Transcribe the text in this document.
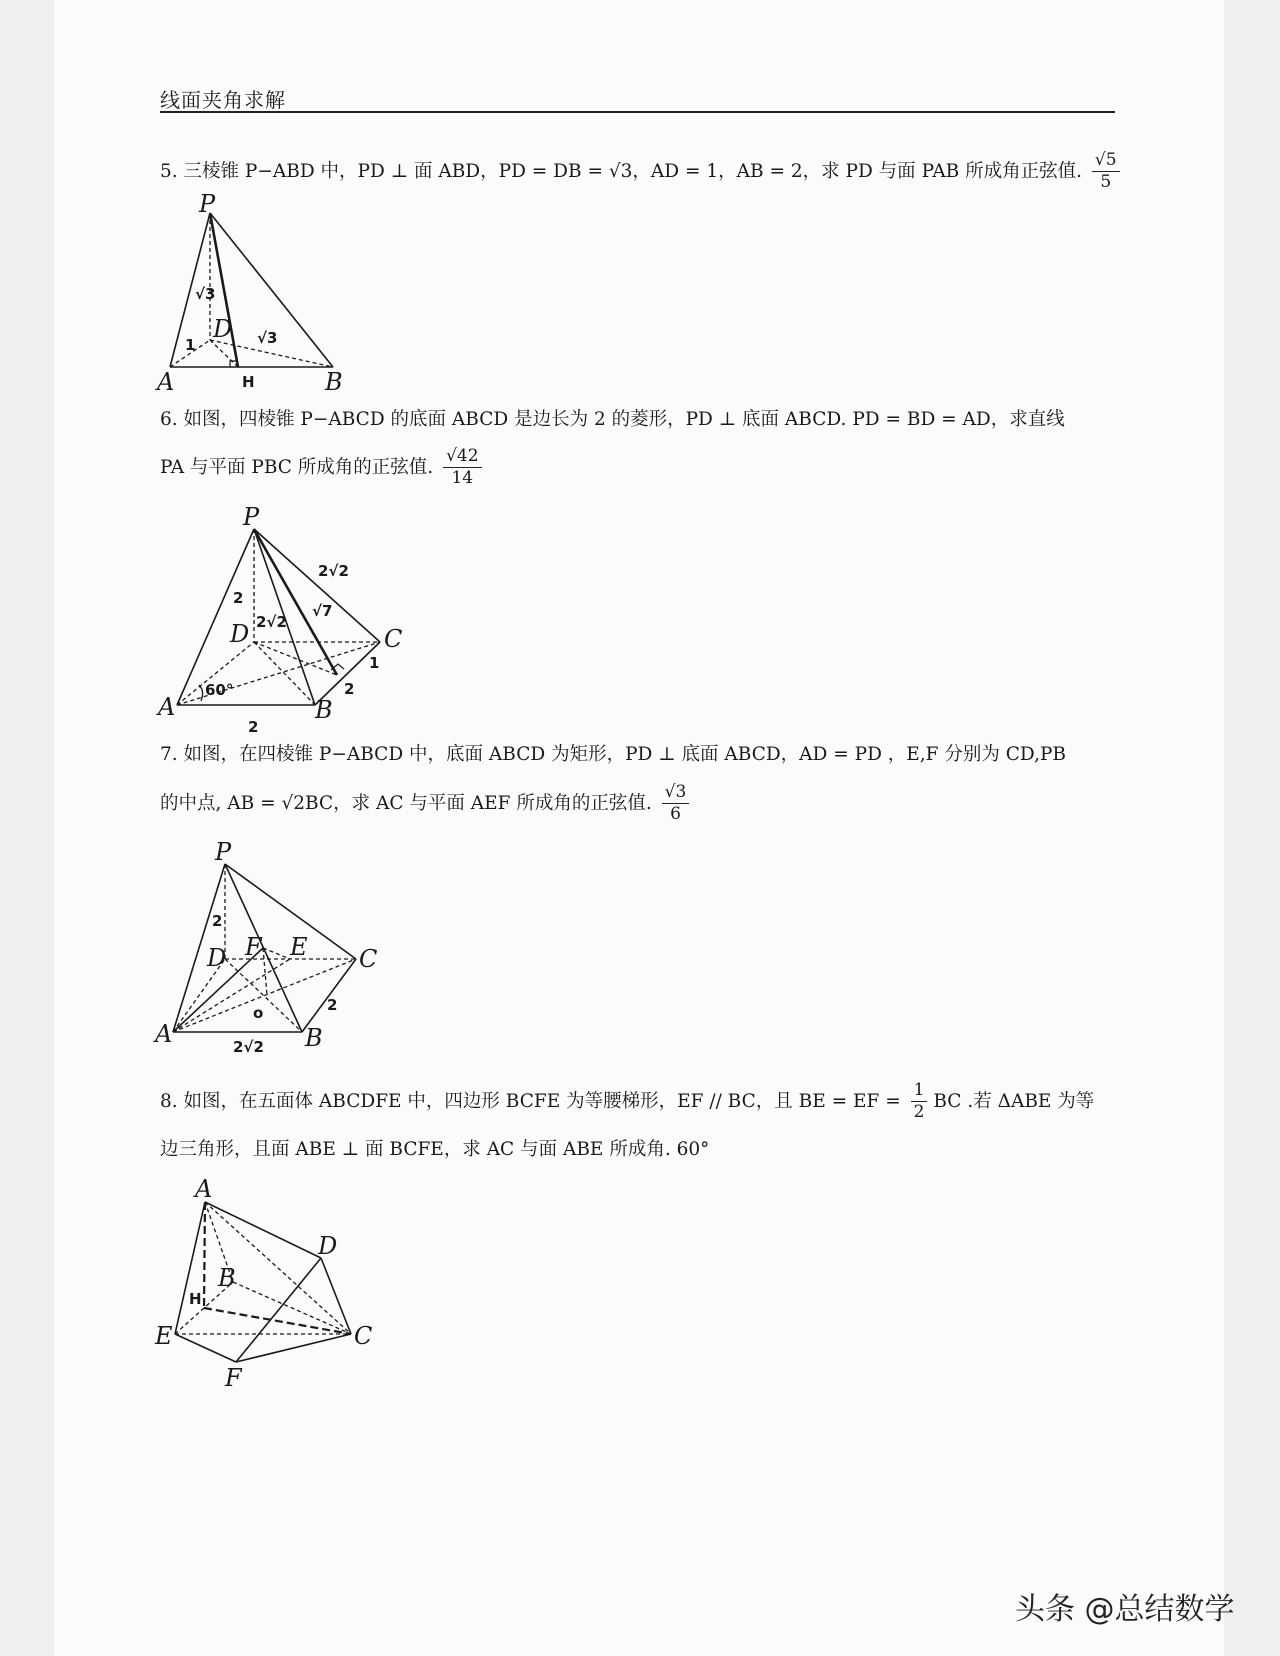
线面夹角求解
5. 三棱锥 P−ABD 中，PD ⊥ 面 ABD，PD = DB = √3，AD = 1，AB = 2，求 PD 与面 PAB 所成角正弦值. $\frac{√5}{5}$
P
D
A	H	B
√3
1	√3
6. 如图，四棱锥 P−ABCD 的底面 ABCD 是边长为 2 的菱形，PD ⊥ 底面 ABCD. PD = BD = AD，求直线
PA 与平面 PBC 所成角的正弦值. $\frac{√42}{14}$
P
D	C
A	B
2
2√2
2√2
√7
2
1
2
60°
7. 如图，在四棱锥 P−ABCD 中，底面 ABCD 为矩形，PD ⊥ 底面 ABCD，AD = PD ，E,F 分别为 CD,PB
的中点, AB = √2BC，求 AC 与平面 AEF 所成角的正弦值. $\frac{√3}{6}$
P
D F E C
A	B
o
2
2
2√2
8. 如图，在五面体 ABCDFE 中，四边形 BCFE 为等腰梯形，EF // BC，且 BE = EF = $\frac{1}{2}$ BC .若 ΔABE 为等
边三角形，且面 ABE ⊥ 面 BCFE，求 AC 与面 ABE 所成角. 60°
A
D
B
H
E	C
F
头条 @总结数学
